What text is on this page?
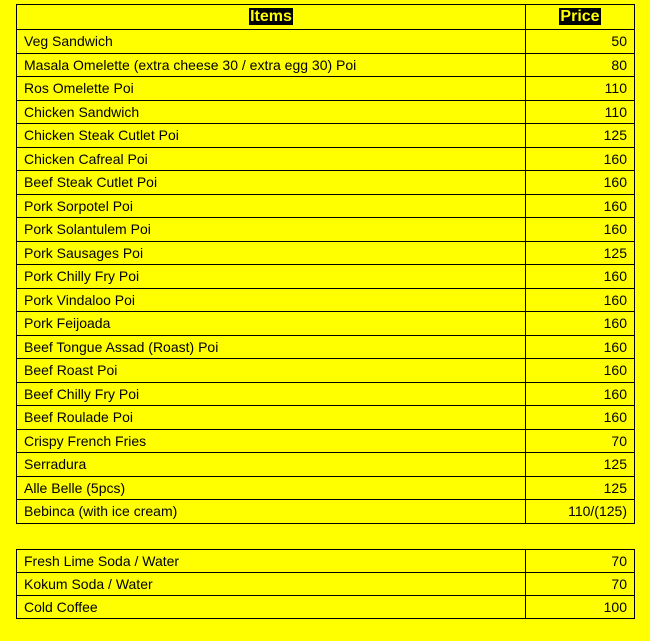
Items	Price
Veg Sandwich	50
Masala Omelette (extra cheese 30 / extra egg 30) Poi	80
Ros Omelette Poi	110
Chicken Sandwich	110
Chicken Steak Cutlet Poi	125
Chicken Cafreal Poi	160
Beef Steak Cutlet Poi	160
Pork Sorpotel Poi	160
Pork Solantulem Poi	160
Pork Sausages Poi	125
Pork Chilly Fry Poi	160
Pork Vindaloo Poi	160
Pork Feijoada	160
Beef Tongue Assad (Roast) Poi	160
Beef Roast Poi	160
Beef Chilly Fry Poi	160
Beef Roulade Poi	160
Crispy French Fries	70
Serradura	125
Alle Belle (5pcs)	125
Bebinca (with ice cream)	110/(125)
Fresh Lime Soda / Water	70
Kokum Soda / Water	70
Cold Coffee	100
